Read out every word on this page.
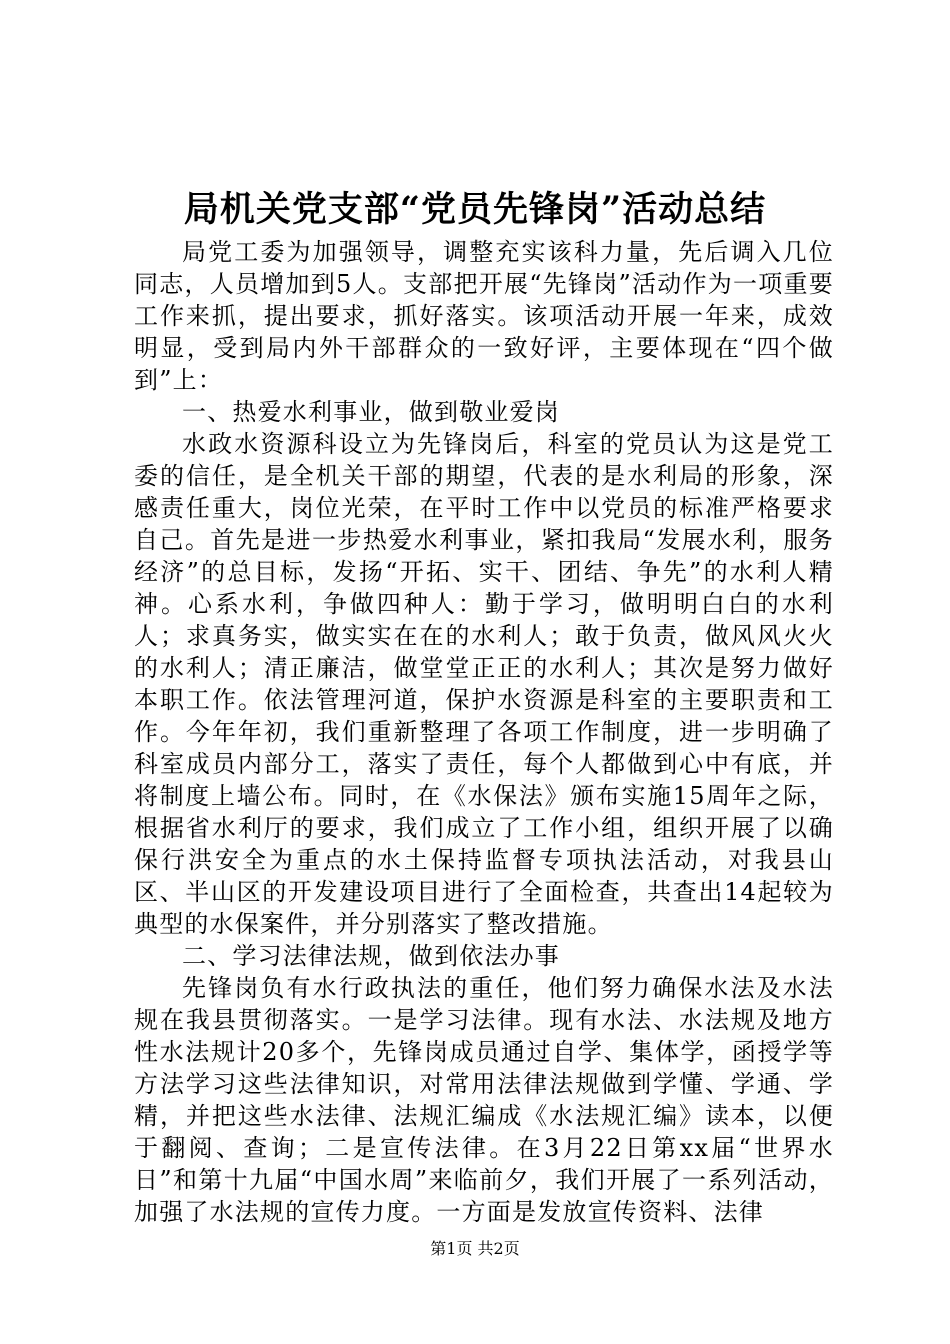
局机关党支部“党员先锋岗”活动总结

局党工委为加强领导，调整充实该科力量，先后调入几位同志，人员增加到5人。支部把开展“先锋岗”活动作为一项重要工作来抓，提出要求，抓好落实。该项活动开展一年来，成效明显，受到局内外干部群众的一致好评，主要体现在“四个做到”上：

一、热爱水利事业，做到敬业爱岗

水政水资源科设立为先锋岗后，科室的党员认为这是党工委的信任，是全机关干部的期望，代表的是水利局的形象，深感责任重大，岗位光荣，在平时工作中以党员的标准严格要求自己。首先是进一步热爱水利事业，紧扣我局“发展水利，服务经济”的总目标，发扬“开拓、实干、团结、争先”的水利人精神。心系水利，争做四种人：勤于学习，做明明白白的水利人；求真务实，做实实在在的水利人；敢于负责，做风风火火的水利人；清正廉洁，做堂堂正正的水利人；其次是努力做好本职工作。依法管理河道，保护水资源是科室的主要职责和工作。今年年初，我们重新整理了各项工作制度，进一步明确了科室成员内部分工，落实了责任，每个人都做到心中有底，并将制度上墙公布。同时，在《水保法》颁布实施15周年之际，根据省水利厅的要求，我们成立了工作小组，组织开展了以确保行洪安全为重点的水土保持监督专项执法活动，对我县山区、半山区的开发建设项目进行了全面检查，共查出14起较为典型的水保案件，并分别落实了整改措施。

二、学习法律法规，做到依法办事

先锋岗负有水行政执法的重任，他们努力确保水法及水法规在我县贯彻落实。一是学习法律。现有水法、水法规及地方性水法规计20多个，先锋岗成员通过自学、集体学，函授学等方法学习这些法律知识，对常用法律法规做到学懂、学通、学精，并把这些水法律、法规汇编成《水法规汇编》读本，以便于翻阅、查询；二是宣传法律。在3月22日第xx届“世界水日”和第十九届“中国水周”来临前夕，我们开展了一系列活动，加强了水法规的宣传力度。一方面是发放宣传资料、法律

第1页 共2页
